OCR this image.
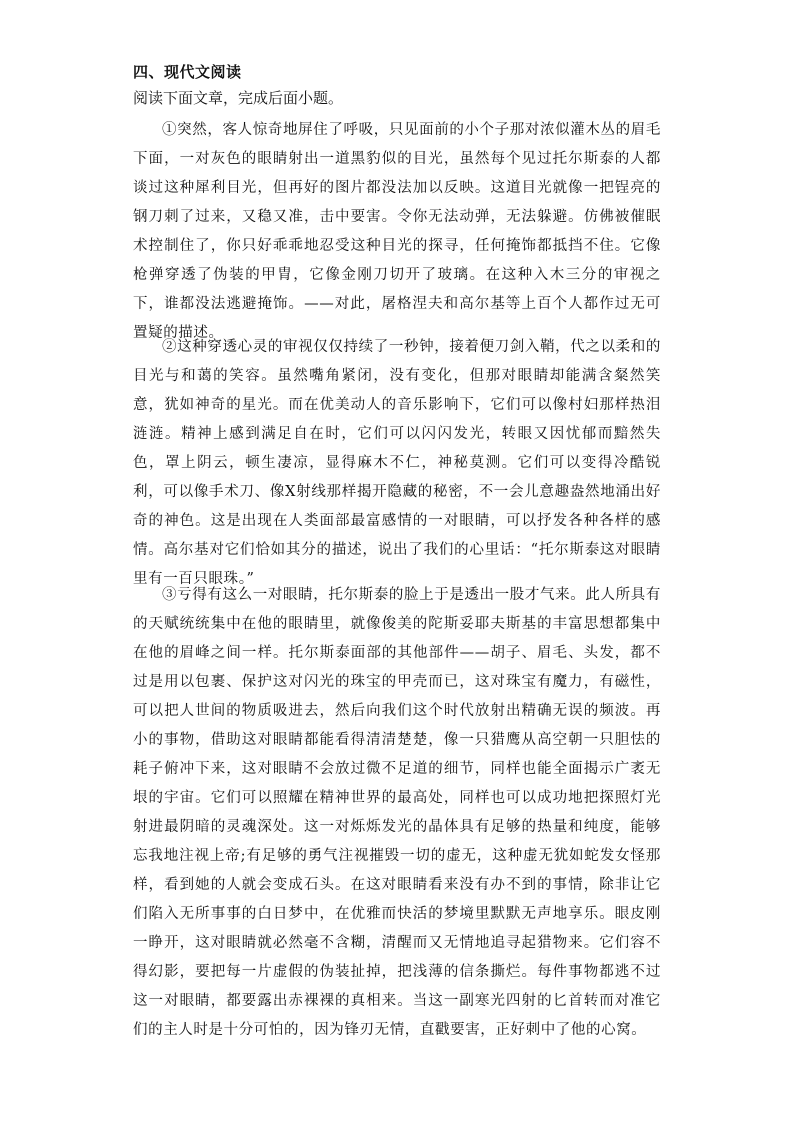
四、现代文阅读
阅读下面文章，完成后面小题。

①突然，客人惊奇地屏住了呼吸，只见面前的小个子那对浓似灌木丛的眉毛下面，一对灰色的眼睛射出一道黑豹似的目光，虽然每个见过托尔斯泰的人都谈过这种犀利目光，但再好的图片都没法加以反映。这道目光就像一把锃亮的钢刀刺了过来，又稳又准，击中要害。令你无法动弹，无法躲避。仿佛被催眠术控制住了，你只好乖乖地忍受这种目光的探寻，任何掩饰都抵挡不住。它像枪弹穿透了伪装的甲胄，它像金刚刀切开了玻璃。在这种入木三分的审视之下，谁都没法逃避掩饰。——对此，屠格涅夫和高尔基等上百个人都作过无可置疑的描述。

②这种穿透心灵的审视仅仅持续了一秒钟，接着便刀剑入鞘，代之以柔和的目光与和蔼的笑容。虽然嘴角紧闭，没有变化，但那对眼睛却能满含粲然笑意，犹如神奇的星光。而在优美动人的音乐影响下，它们可以像村妇那样热泪涟涟。精神上感到满足自在时，它们可以闪闪发光，转眼又因忧郁而黯然失色，罩上阴云，顿生凄凉，显得麻木不仁，神秘莫测。它们可以变得冷酷锐利，可以像手术刀、像X射线那样揭开隐藏的秘密，不一会儿意趣盎然地涌出好奇的神色。这是出现在人类面部最富感情的一对眼睛，可以抒发各种各样的感情。高尔基对它们恰如其分的描述，说出了我们的心里话：“托尔斯泰这对眼睛里有一百只眼珠。”

③亏得有这么一对眼睛，托尔斯泰的脸上于是透出一股才气来。此人所具有的天赋统统集中在他的眼睛里，就像俊美的陀斯妥耶夫斯基的丰富思想都集中在他的眉峰之间一样。托尔斯泰面部的其他部件——胡子、眉毛、头发，都不过是用以包裹、保护这对闪光的珠宝的甲壳而已，这对珠宝有魔力，有磁性，可以把人世间的物质吸进去，然后向我们这个时代放射出精确无误的频波。再小的事物，借助这对眼睛都能看得清清楚楚，像一只猎鹰从高空朝一只胆怯的耗子俯冲下来，这对眼睛不会放过微不足道的细节，同样也能全面揭示广袤无垠的宇宙。它们可以照耀在精神世界的最高处，同样也可以成功地把探照灯光射进最阴暗的灵魂深处。这一对烁烁发光的晶体具有足够的热量和纯度，能够忘我地注视上帝;有足够的勇气注视摧毁一切的虚无，这种虚无犹如蛇发女怪那样，看到她的人就会变成石头。在这对眼睛看来没有办不到的事情，除非让它们陷入无所事事的白日梦中，在优雅而快活的梦境里默默无声地享乐。眼皮刚一睁开，这对眼睛就必然毫不含糊，清醒而又无情地追寻起猎物来。它们容不得幻影，要把每一片虚假的伪装扯掉，把浅薄的信条撕烂。每件事物都逃不过这一对眼睛，都要露出赤裸裸的真相来。当这一副寒光四射的匕首转而对准它们的主人时是十分可怕的，因为锋刃无情，直戳要害，正好刺中了他的心窝。
